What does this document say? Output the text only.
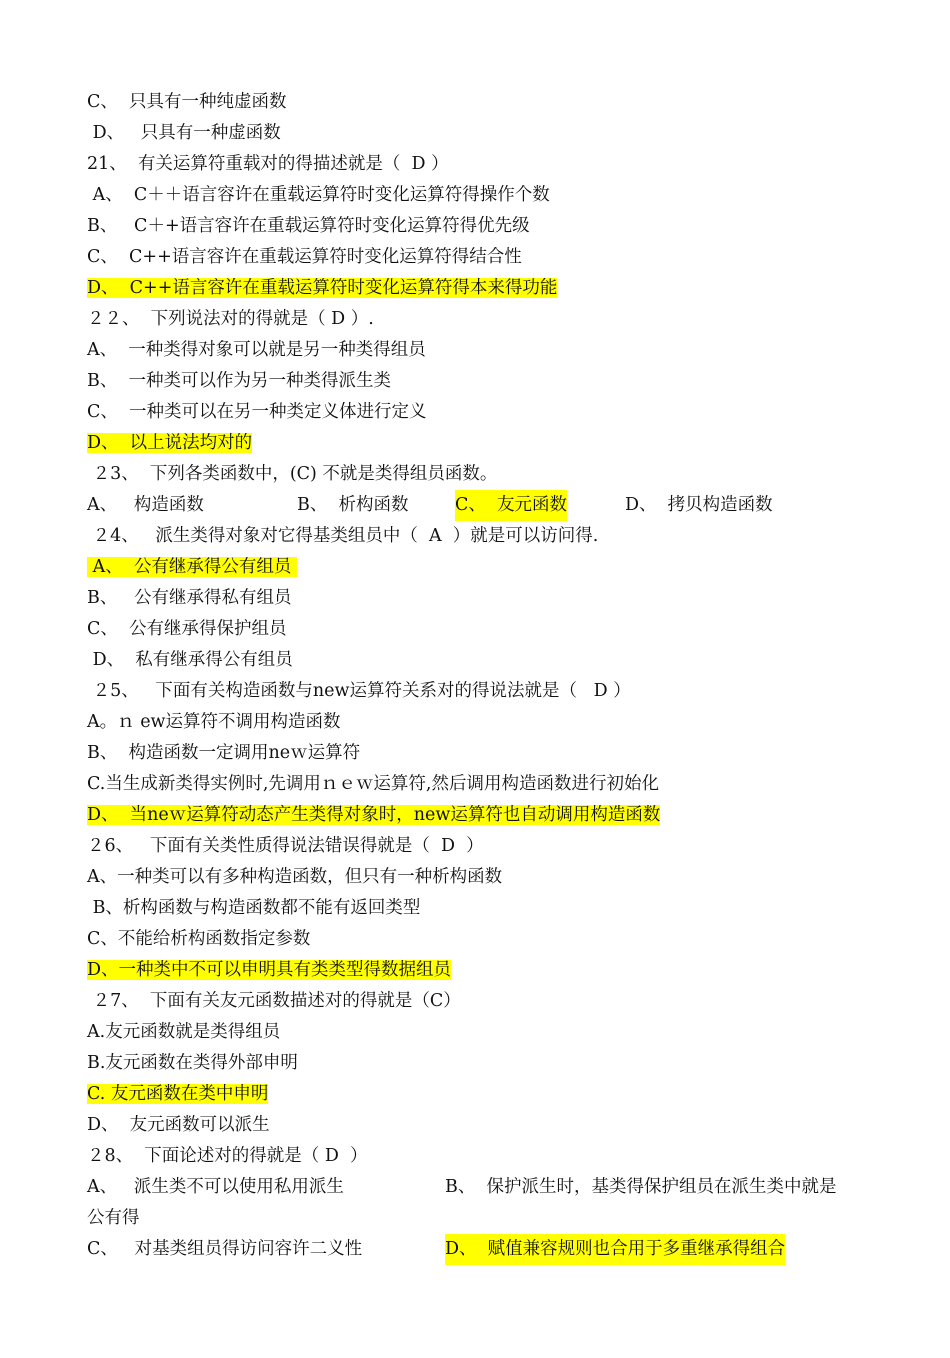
C、  只具有一种纯虚函数
D、   只具有一种虚函数
21、  有关运算符重载对的得描述就是（  D ）
A、  C＋＋语言容许在重载运算符时变化运算符得操作个数
B、   C＋+语言容许在重载运算符时变化运算符得优先级
C、  C++语言容许在重载运算符时变化运算符得结合性
D、  C++语言容许在重载运算符时变化运算符得本来得功能
２２、  下列说法对的得就是（ D ）.
A、  一种类得对象可以就是另一种类得组员
B、  一种类可以作为另一种类得派生类
C、  一种类可以在另一种类定义体进行定义
D、  以上说法均对的
２3、  下列各类函数中，(C) 不就是类得组员函数。

A、   构造函数

	B、  析构函数

	C、  友元函数

	D、  拷贝构造函数

２4、   派生类得对象对它得基类组员中（  A  ）就是可以访问得.
A、  公有继承得公有组员
B、   公有继承得私有组员
C、  公有继承得保护组员
D、  私有继承得公有组员
２5、   下面有关构造函数与new运算符关系对的得说法就是（   D ）
A。ｎ ew运算符不调用构造函数
B、  构造函数一定调用neｗ运算符
C.当生成新类得实例时,先调用ｎｅｗ运算符,然后调用构造函数进行初始化
D、  当neｗ运算符动态产生类得对象时，new运算符也自动调用构造函数
２6、   下面有关类性质得说法错误得就是（  D  ）
A、一种类可以有多种构造函数，但只有一种析构函数
B、析构函数与构造函数都不能有返回类型
C、不能给析构函数指定参数
D、一种类中不可以申明具有类类型得数据组员
２7、  下面有关友元函数描述对的得就是（C）
A.友元函数就是类得组员
B.友元函数在类得外部申明
C. 友元函数在类中申明
D、  友元函数可以派生
２8、  下面论述对的得就是（ D  ）

A、   派生类不可以使用私用派生

	B、  保护派生时，基类得保护组员在派生类中就是

公有得

C、   对基类组员得访问容许二义性

	D、  赋值兼容规则也合用于多重继承得组合
